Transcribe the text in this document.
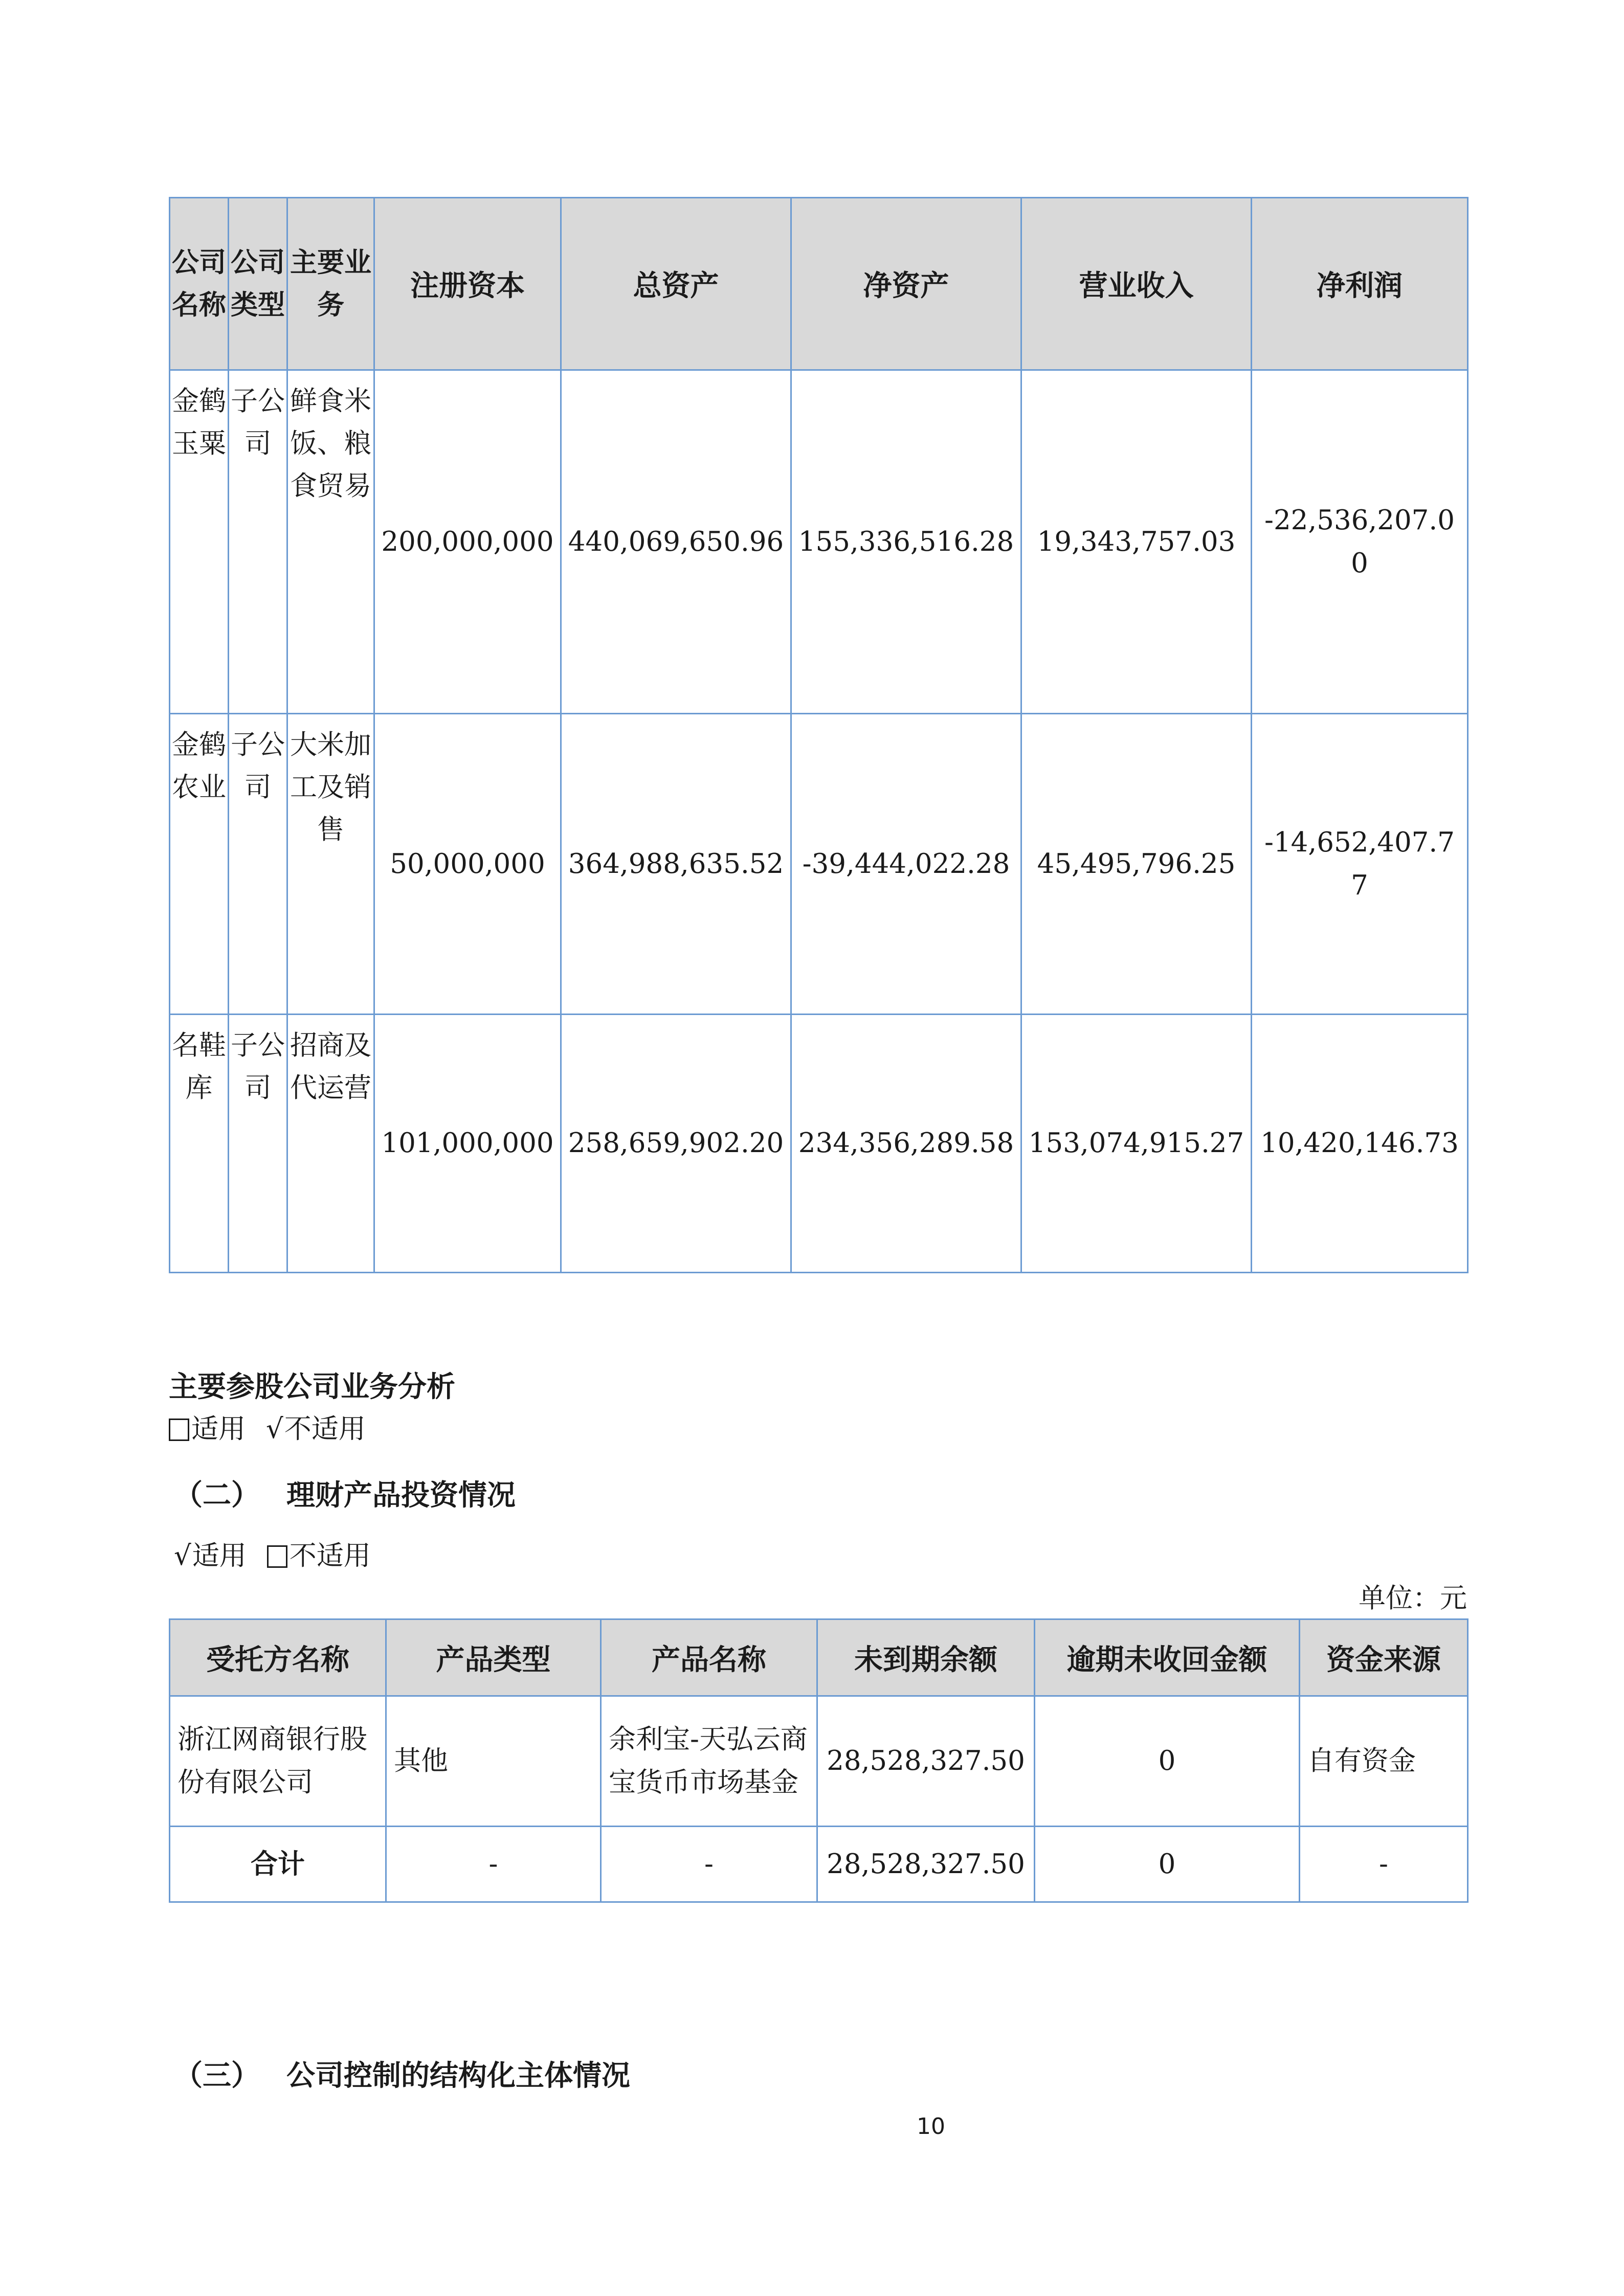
公司名称	公司类型	主要业务	注册资本	总资产	净资产	营业收入	净利润
金鹤玉粟	子公司	鲜食米饭、粮食贸易	200,000,000	440,069,650.96	155,336,516.28	19,343,757.03	-22,536,207.00
金鹤农业	子公司	大米加工及销售	50,000,000	364,988,635.52	-39,444,022.28	45,495,796.25	-14,652,407.77
名鞋库	子公司	招商及代运营	101,000,000	258,659,902.20	234,356,289.58	153,074,915.27	10,420,146.73
主要参股公司业务分析
适用 √不适用
（二） 理财产品投资情况
√适用 不适用
单位：元
受托方名称	产品类型	产品名称	未到期余额	逾期未收回金额	资金来源
浙江网商银行股份有限公司	其他	余利宝-天弘云商宝货币市场基金	28,528,327.50	0	自有资金
合计	-	-	28,528,327.50	0	-
（三） 公司控制的结构化主体情况
10
